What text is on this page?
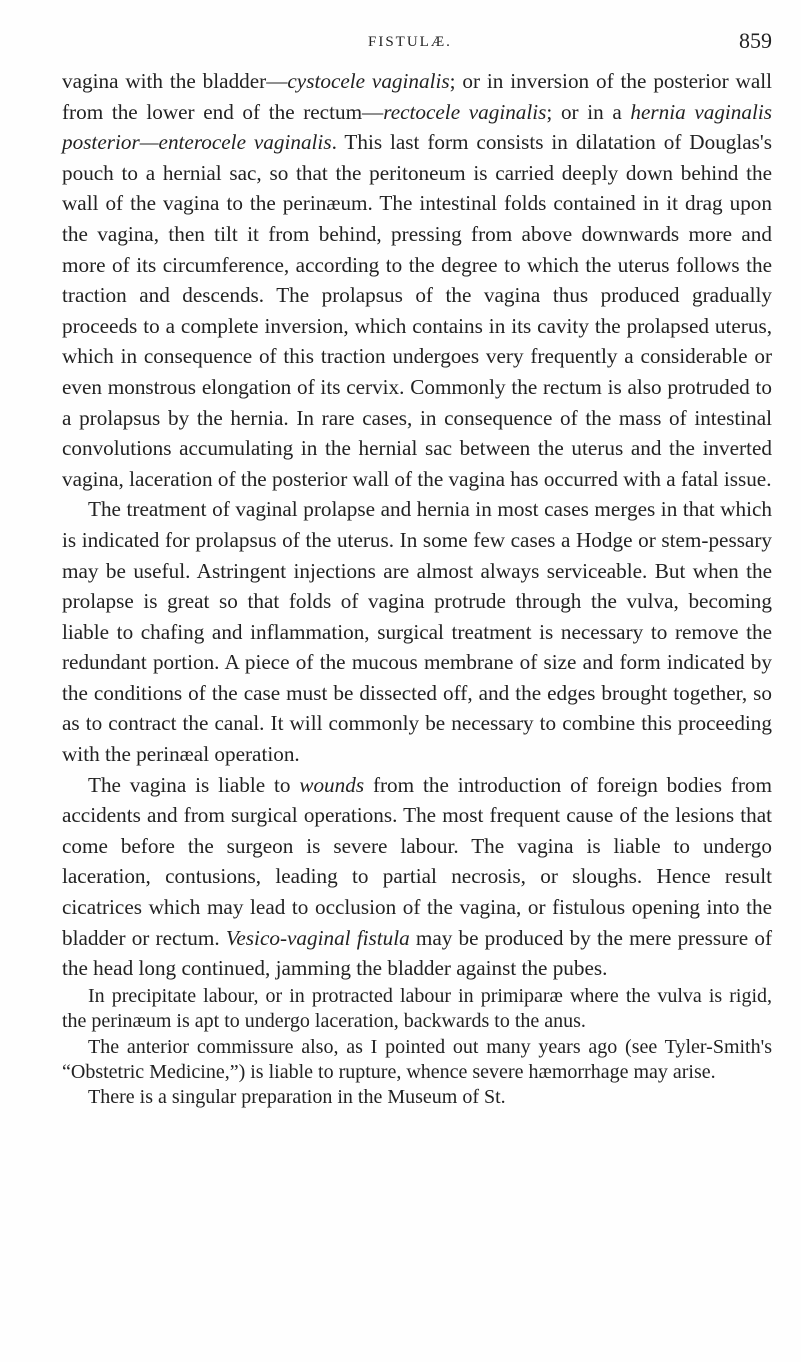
FISTULÆ.	859

vagina with the bladder—cystocele vaginalis; or in inversion of the posterior wall from the lower end of the rectum—rectocele vaginalis; or in a hernia vaginalis posterior—enterocele vaginalis. This last form consists in dilatation of Douglas's pouch to a hernial sac, so that the peritoneum is carried deeply down behind the wall of the vagina to the perinæum. The intestinal folds contained in it drag upon the vagina, then tilt it from behind, pressing from above downwards more and more of its circumference, according to the degree to which the uterus follows the traction and descends. The prolapsus of the vagina thus produced gradually proceeds to a complete inversion, which contains in its cavity the prolapsed uterus, which in consequence of this traction undergoes very frequently a considerable or even monstrous elongation of its cervix. Commonly the rectum is also protruded to a prolapsus by the hernia. In rare cases, in consequence of the mass of intestinal convolutions accumulating in the hernial sac between the uterus and the inverted vagina, laceration of the posterior wall of the vagina has occurred with a fatal issue.

The treatment of vaginal prolapse and hernia in most cases merges in that which is indicated for prolapsus of the uterus. In some few cases a Hodge or stem-pessary may be useful. Astringent injections are almost always serviceable. But when the prolapse is great so that folds of vagina protrude through the vulva, becoming liable to chafing and inflammation, surgical treatment is necessary to remove the redundant portion. A piece of the mucous membrane of size and form indicated by the conditions of the case must be dissected off, and the edges brought together, so as to contract the canal. It will commonly be necessary to combine this proceeding with the perinæal operation.

The vagina is liable to wounds from the introduction of foreign bodies from accidents and from surgical operations. The most frequent cause of the lesions that come before the surgeon is severe labour. The vagina is liable to undergo laceration, contusions, leading to partial necrosis, or sloughs. Hence result cicatrices which may lead to occlusion of the vagina, or fistulous opening into the bladder or rectum. Vesico-vaginal fistula may be produced by the mere pressure of the head long continued, jamming the bladder against the pubes.

In precipitate labour, or in protracted labour in primiparæ where the vulva is rigid, the perinæum is apt to undergo laceration, backwards to the anus.

The anterior commissure also, as I pointed out many years ago (see Tyler-Smith's “Obstetric Medicine,”) is liable to rupture, whence severe hæmorrhage may arise.

There is a singular preparation in the Museum of St.
